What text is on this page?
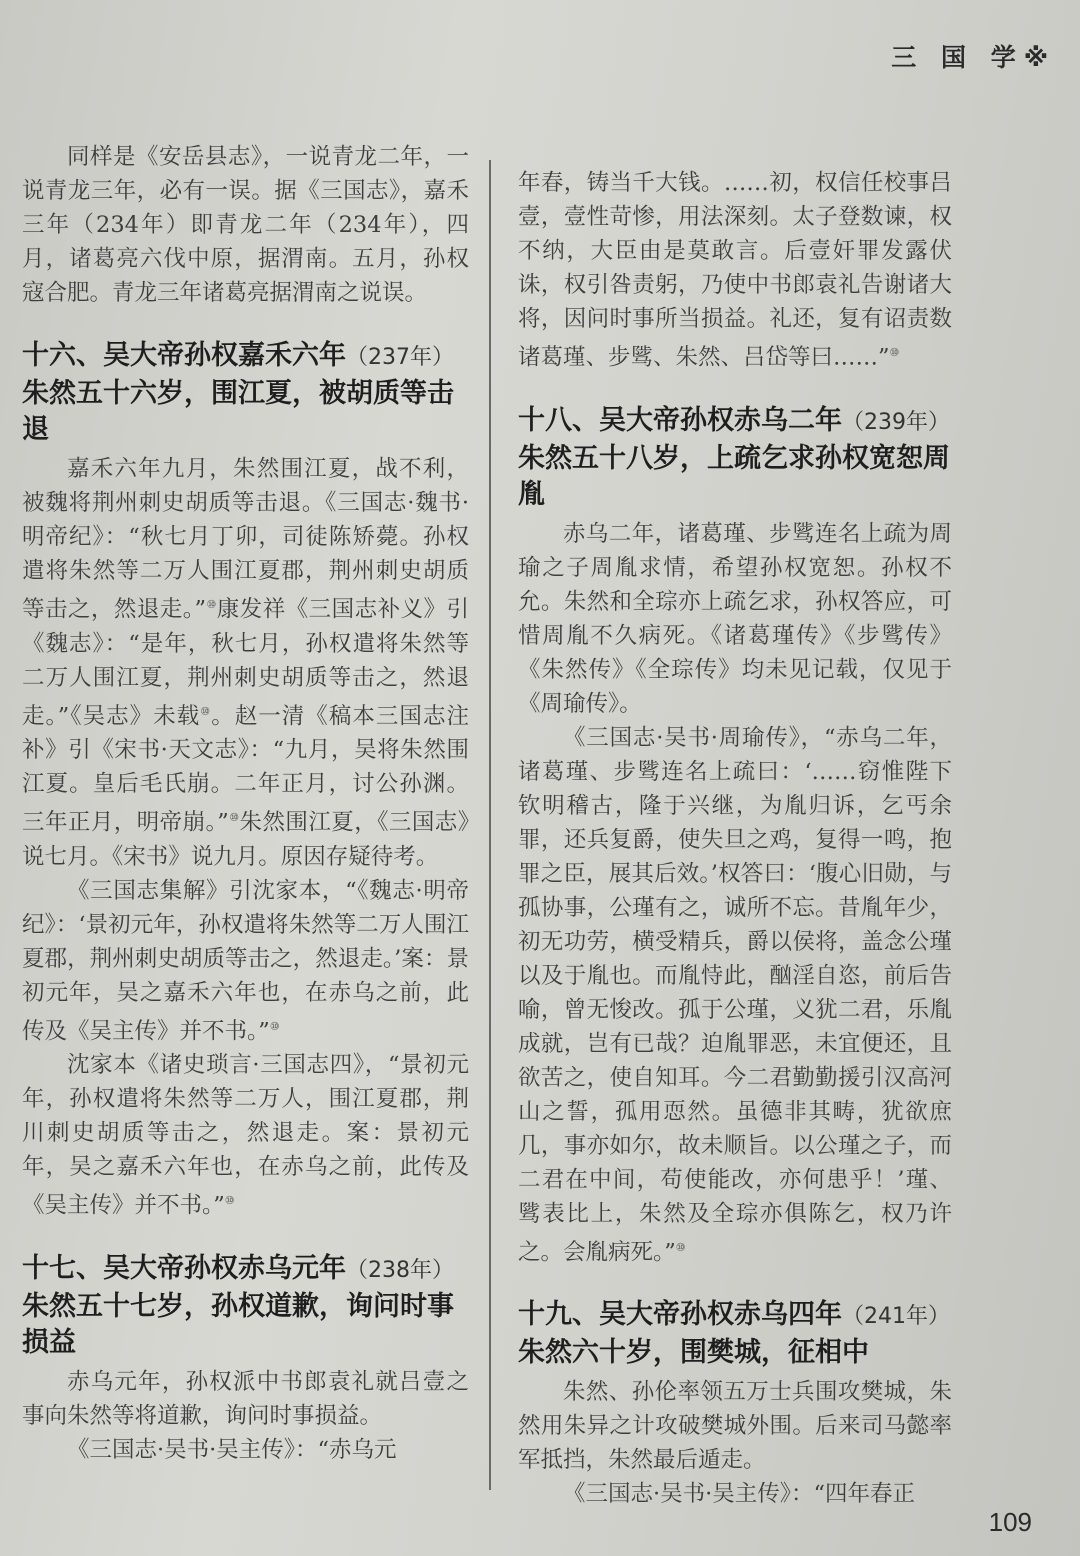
三 国 学※

同样是《安岳县志》，一说青龙二年，一说青龙三年，必有一误。据《三国志》，嘉禾三年（234年）即青龙二年（234年），四月，诸葛亮六伐中原，据渭南。五月，孙权寇合肥。青龙三年诸葛亮据渭南之说误。

十六、吴大帝孙权嘉禾六年（237年）朱然五十六岁，围江夏，被胡质等击退

嘉禾六年九月，朱然围江夏，战不利，被魏将荆州刺史胡质等击退。《三国志·魏书·明帝纪》：“秋七月丁卯，司徒陈矫薨。孙权遣将朱然等二万人围江夏郡，荆州刺史胡质等击之，然退走。”⑩康发祥《三国志补义》引《魏志》：“是年，秋七月，孙权遣将朱然等二万人围江夏，荆州刺史胡质等击之，然退走。”《吴志》未载⑩。赵一清《稿本三国志注补》引《宋书·天文志》：“九月，吴将朱然围江夏。皇后毛氏崩。二年正月，讨公孙渊。三年正月，明帝崩。”⑩朱然围江夏，《三国志》说七月。《宋书》说九月。原因存疑待考。

《三国志集解》引沈家本，“《魏志·明帝纪》：‘景初元年，孙权遣将朱然等二万人围江夏郡，荆州刺史胡质等击之，然退走。’案：景初元年，吴之嘉禾六年也，在赤乌之前，此传及《吴主传》并不书。”⑩

沈家本《诸史琐言·三国志四》，“景初元年，孙权遣将朱然等二万人，围江夏郡，荆川刺史胡质等击之，然退走。案：景初元年，吴之嘉禾六年也，在赤乌之前，此传及《吴主传》并不书。”⑩

十七、吴大帝孙权赤乌元年（238年）朱然五十七岁，孙权道歉，询问时事损益

赤乌元年，孙权派中书郎袁礼就吕壹之事向朱然等将道歉，询问时事损益。

《三国志·吴书·吴主传》：“赤乌元

年春，铸当千大钱。……初，权信任校事吕壹，壹性苛惨，用法深刻。太子登数谏，权不纳，大臣由是莫敢言。后壹奸罪发露伏诛，权引咎责躬，乃使中书郎袁礼告谢诸大将，因问时事所当损益。礼还，复有诏责数诸葛瑾、步骘、朱然、吕岱等曰……”⑩

十八、吴大帝孙权赤乌二年（239年）朱然五十八岁，上疏乞求孙权宽恕周胤

赤乌二年，诸葛瑾、步骘连名上疏为周瑜之子周胤求情，希望孙权宽恕。孙权不允。朱然和全琮亦上疏乞求，孙权答应，可惜周胤不久病死。《诸葛瑾传》《步骘传》《朱然传》《全琮传》均未见记载，仅见于《周瑜传》。

《三国志·吴书·周瑜传》，“赤乌二年，诸葛瑾、步骘连名上疏曰：‘……窃惟陛下钦明稽古，隆于兴继，为胤归诉，乞丐余罪，还兵复爵，使失旦之鸡，复得一鸣，抱罪之臣，展其后效。’权答曰：‘腹心旧勋，与孤协事，公瑾有之，诚所不忘。昔胤年少，初无功劳，横受精兵，爵以侯将，盖念公瑾以及于胤也。而胤恃此，酗淫自恣，前后告喻，曾无悛改。孤于公瑾，义犹二君，乐胤成就，岂有已哉？迫胤罪恶，未宜便还，且欲苦之，使自知耳。今二君勤勤援引汉高河山之誓，孤用恧然。虽德非其畴，犹欲庶几，事亦如尔，故未顺旨。以公瑾之子，而二君在中间，苟使能改，亦何患乎！’瑾、骘表比上，朱然及全琮亦俱陈乞，权乃许之。会胤病死。”⑩

十九、吴大帝孙权赤乌四年（241年）朱然六十岁，围樊城，征相中

朱然、孙伦率领五万士兵围攻樊城，朱然用朱异之计攻破樊城外围。后来司马懿率军抵挡，朱然最后遁走。

《三国志·吴书·吴主传》：“四年春正

109
